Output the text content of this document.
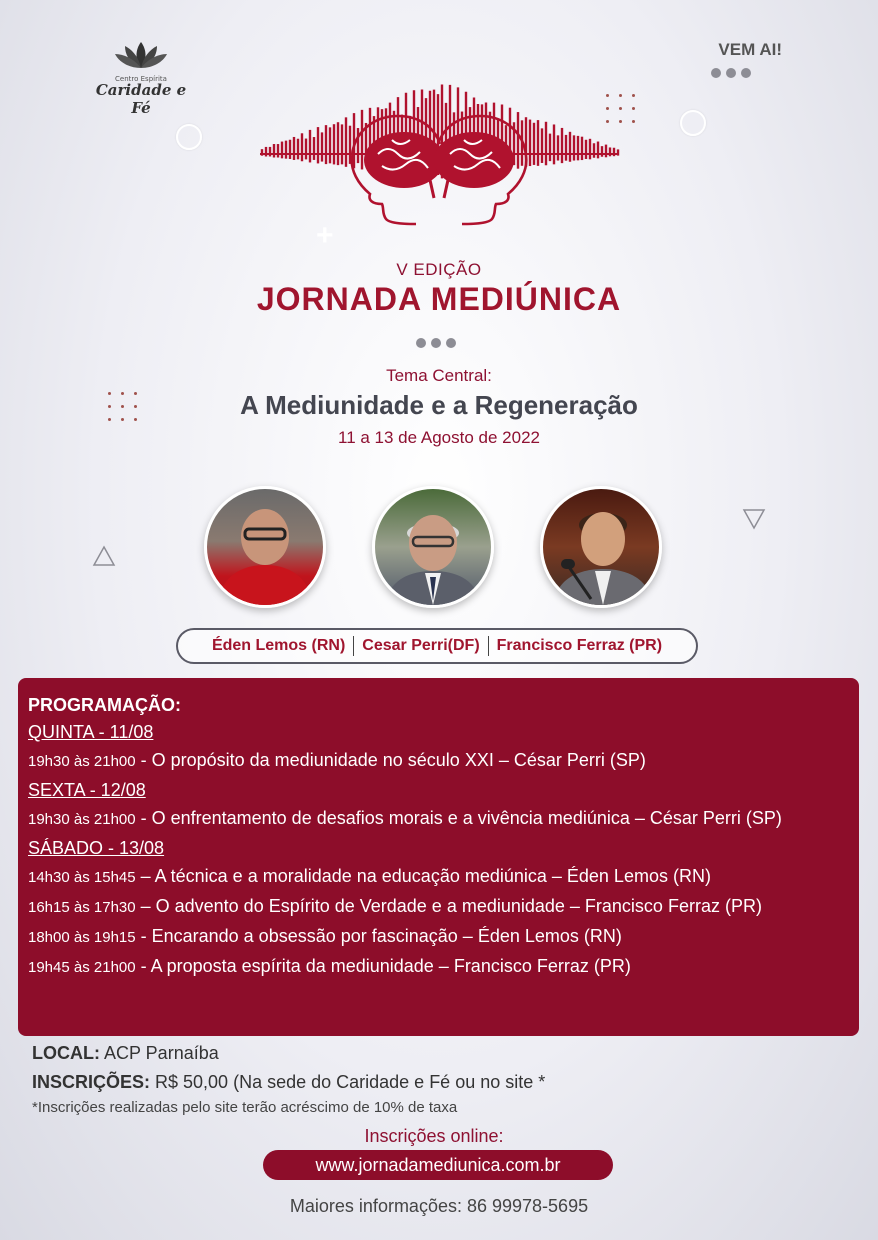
Centro Espírita
Caridade e Fé
VEM AI!
+
V EDIÇÃO
JORNADA MEDIÚNICA
Tema Central:
A Mediunidade e a Regeneração
11 a 13 de Agosto de 2022
Éden Lemos (RN) Cesar Perri(DF) Francisco Ferraz (PR)
PROGRAMAÇÃO:
QUINTA - 11/08
19h30 às 21h00 - O propósito da mediunidade no século XXI – César Perri (SP)
SEXTA - 12/08
19h30 às 21h00 - O enfrentamento de desafios morais e a vivência mediúnica – César Perri (SP)
SÁBADO - 13/08
14h30 às 15h45 – A técnica e a moralidade na educação mediúnica – Éden Lemos (RN)
16h15 às 17h30 – O advento do Espírito de Verdade e a mediunidade – Francisco Ferraz (PR)
18h00 às 19h15 - Encarando a obsessão por fascinação – Éden Lemos (RN)
19h45 às 21h00 - A proposta espírita da mediunidade – Francisco Ferraz (PR)
LOCAL: ACP Parnaíba
INSCRIÇÕES: R$ 50,00 (Na sede do Caridade e Fé ou no site *
*Inscrições realizadas pelo site terão acréscimo de 10% de taxa
Inscrições online:
www.jornadamediunica.com.br
Maiores informações: 86 99978-5695
